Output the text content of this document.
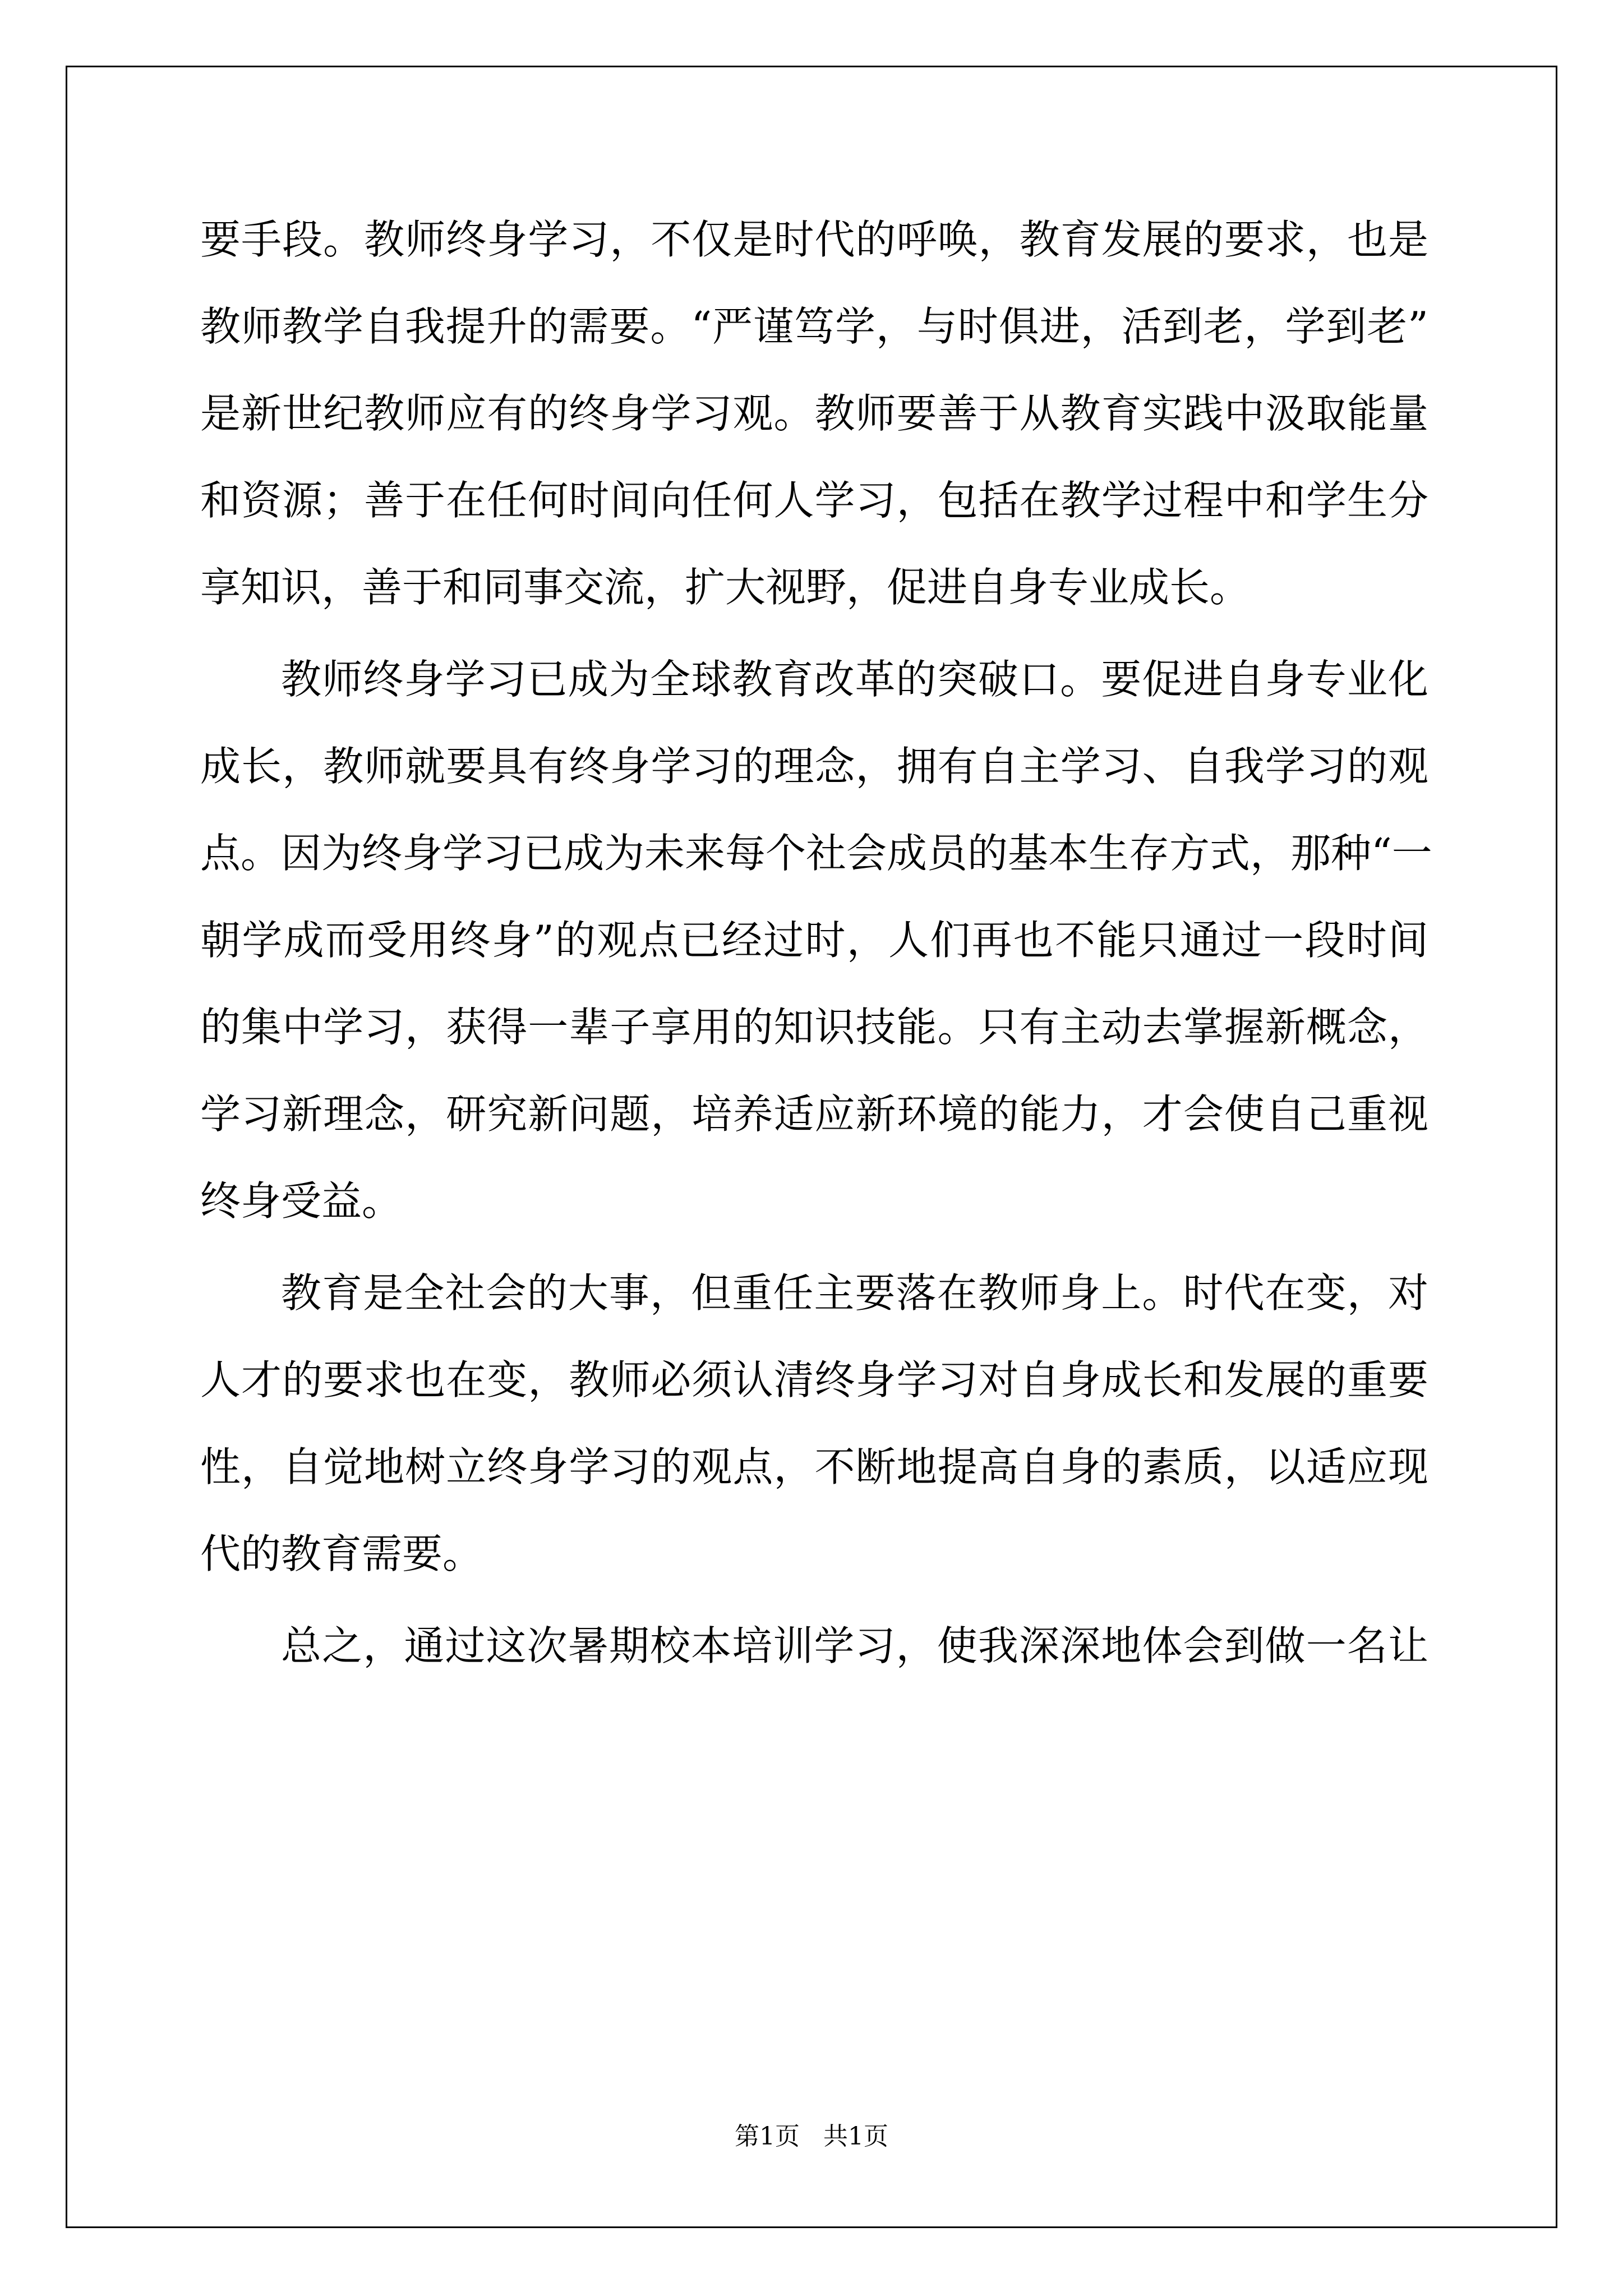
要手段。教师终身学习，不仅是时代的呼唤，教育发展的要求，也是
教师教学自我提升的需要。“严谨笃学，与时俱进，活到老，学到老”
是新世纪教师应有的终身学习观。教师要善于从教育实践中汲取能量
和资源；善于在任何时间向任何人学习，包括在教学过程中和学生分
享知识，善于和同事交流，扩大视野，促进自身专业成长。
教师终身学习已成为全球教育改革的突破口。要促进自身专业化
成长，教师就要具有终身学习的理念，拥有自主学习、自我学习的观
点。因为终身学习已成为未来每个社会成员的基本生存方式，那种“一
朝学成而受用终身”的观点已经过时，人们再也不能只通过一段时间
的集中学习，获得一辈子享用的知识技能。只有主动去掌握新概念，
学习新理念，研究新问题，培养适应新环境的能力，才会使自己重视
终身受益。
教育是全社会的大事，但重任主要落在教师身上。时代在变，对
人才的要求也在变，教师必须认清终身学习对自身成长和发展的重要
性，自觉地树立终身学习的观点，不断地提高自身的素质，以适应现
代的教育需要。
总之，通过这次暑期校本培训学习，使我深深地体会到做一名让
第1页   共1页
